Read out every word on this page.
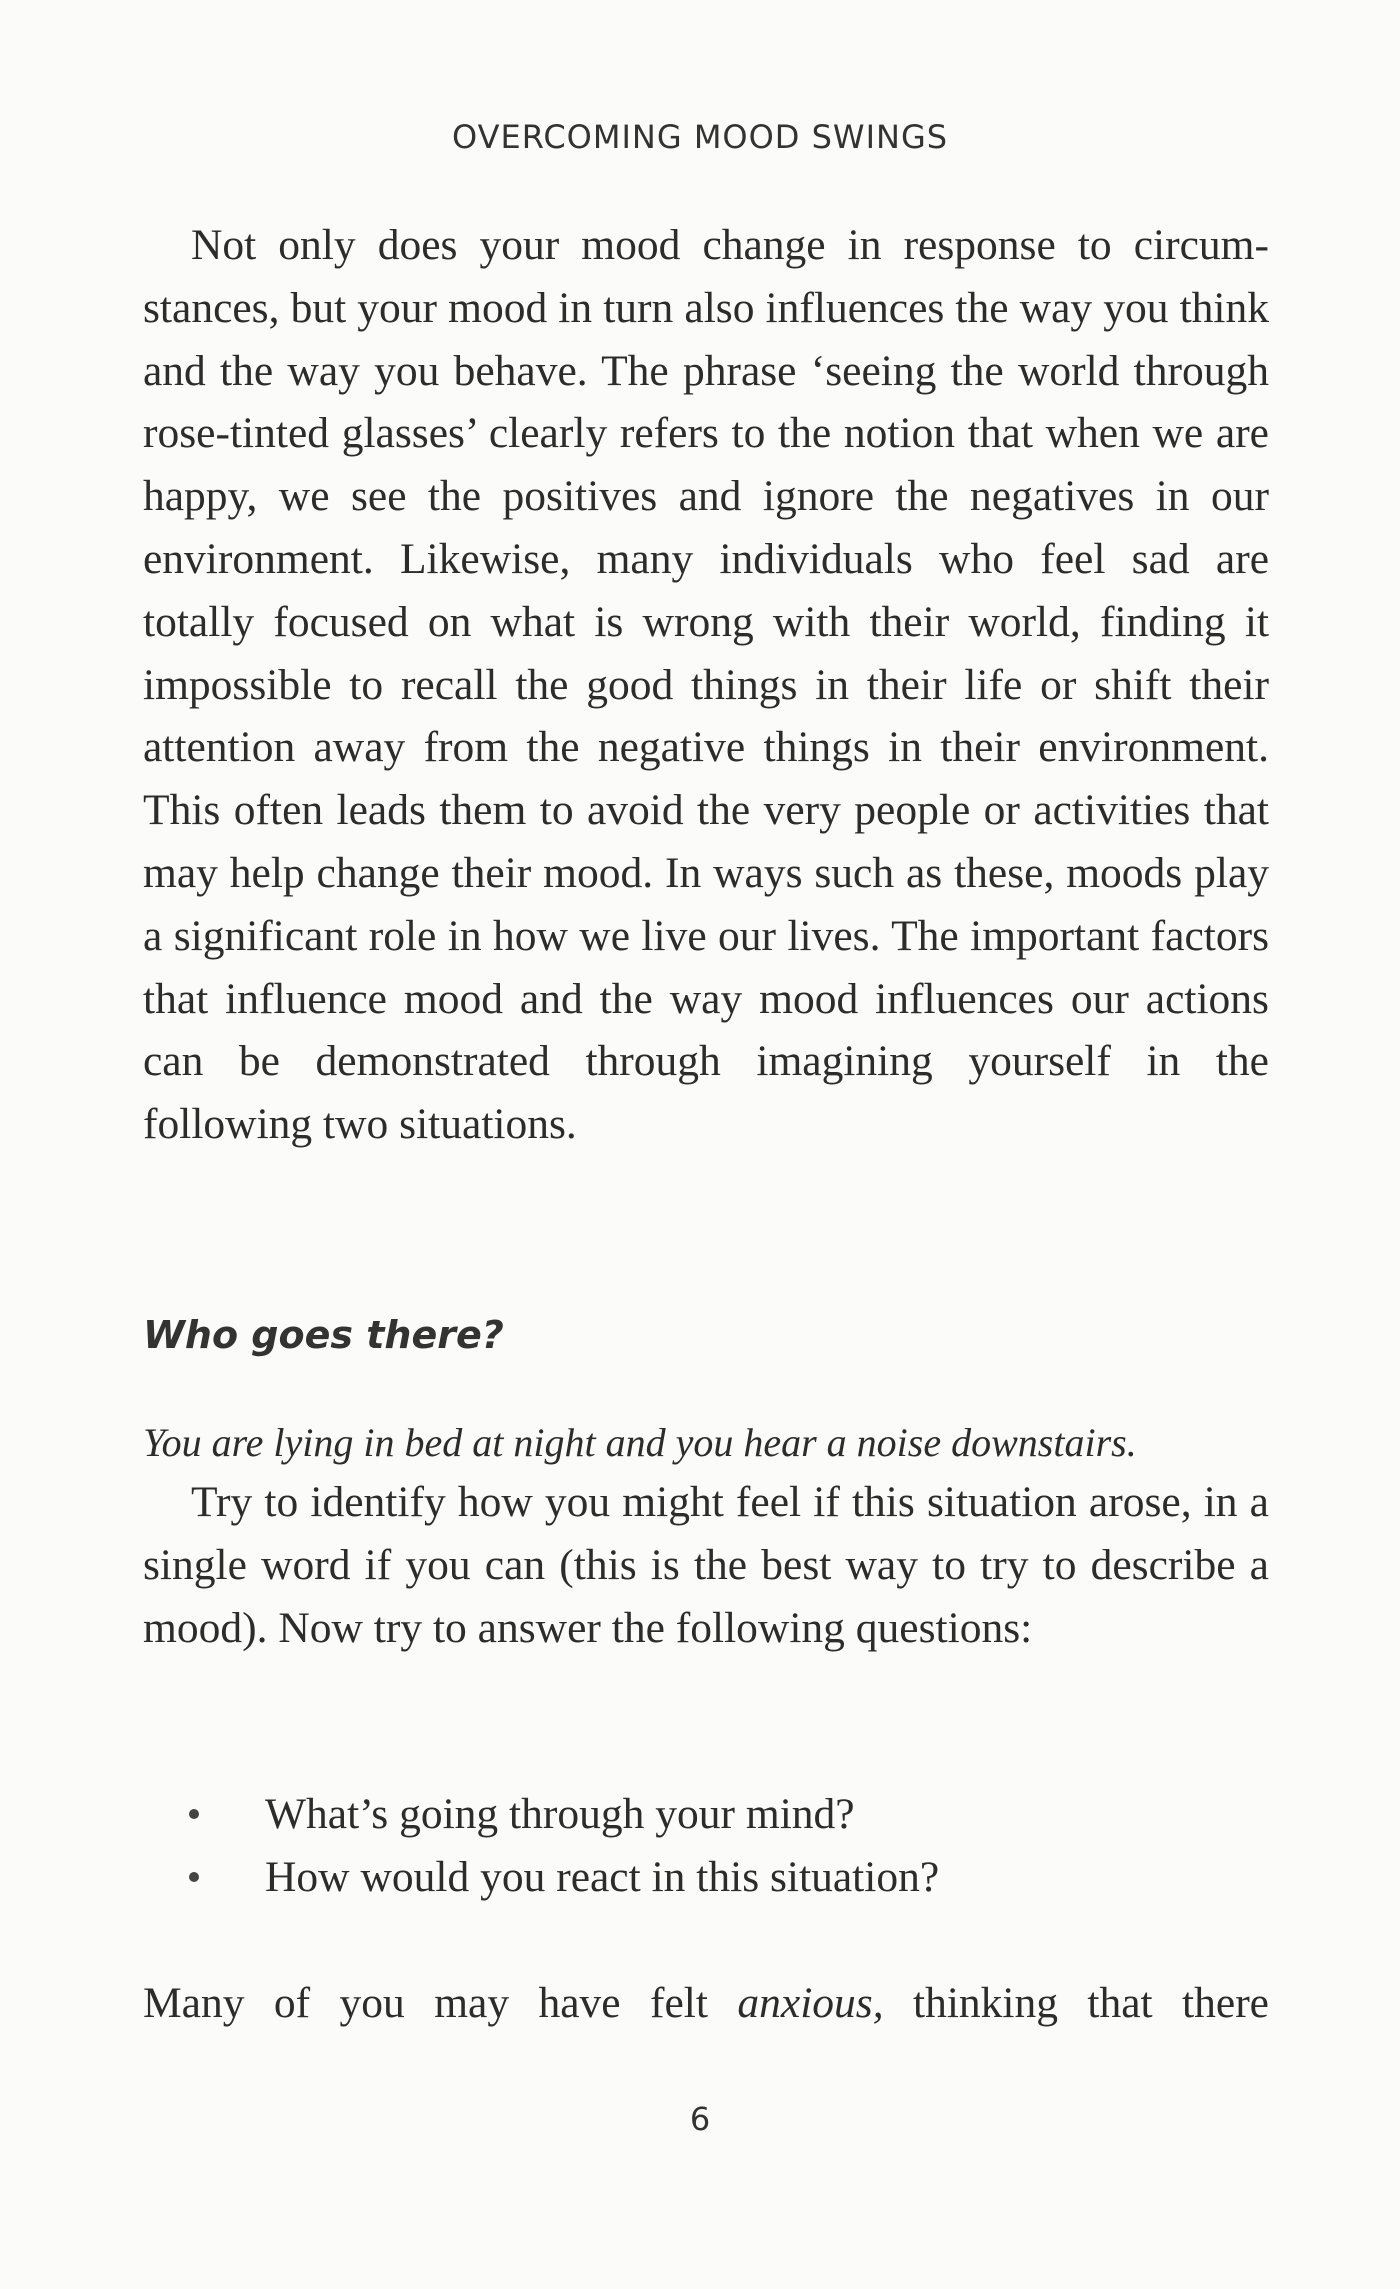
OVERCOMING MOOD SWINGS

Not only does your mood change in response to circumstances, but your mood in turn also influences the way you think and the way you behave. The phrase ‘seeing the world through rose-tinted glasses’ clearly refers to the notion that when we are happy, we see the positives and ignore the negatives in our environment. Likewise, many individuals who feel sad are totally focused on what is wrong with their world, finding it impossible to recall the good things in their life or shift their attention away from the negative things in their environment. This often leads them to avoid the very people or activities that may help change their mood. In ways such as these, moods play a significant role in how we live our lives. The important factors that influence mood and the way mood influences our actions can be demonstrated through imagining yourself in the following two situations.

Who goes there?

You are lying in bed at night and you hear a noise downstairs.

Try to identify how you might feel if this situation arose, in a single word if you can (this is the best way to try to describe a mood). Now try to answer the following questions:

What’s going through your mind?
How would you react in this situation?

Many of you may have felt anxious, thinking that there

6
